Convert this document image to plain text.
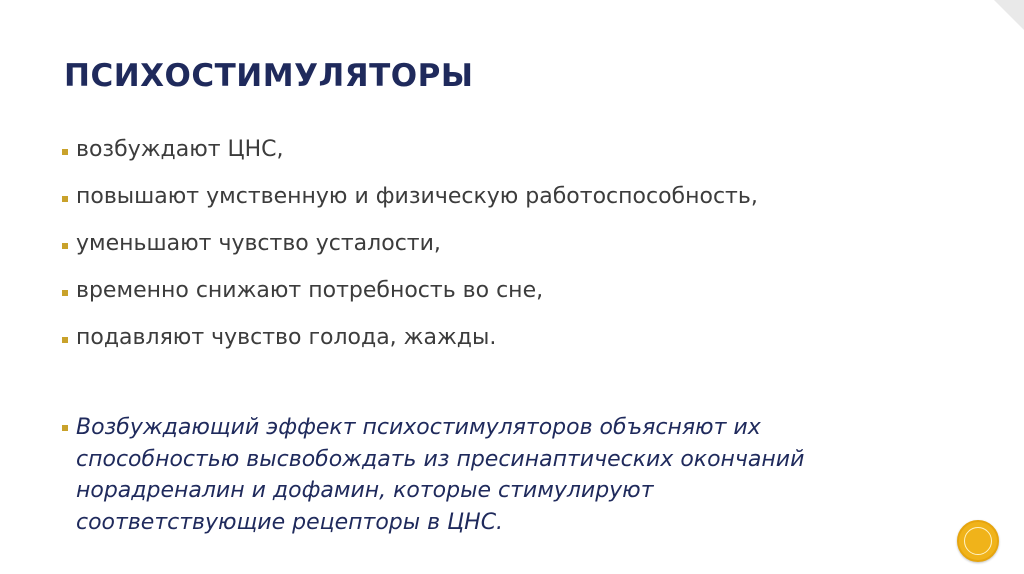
ПСИХОСТИМУЛЯТОРЫ
возбуждают ЦНС,
повышают умственную и физическую работоспособность,
уменьшают чувство усталости,
временно снижают потребность во сне,
подавляют чувство голода, жажды.
Возбуждающий эффект психостимуляторов объясняют их
способностью высвобождать из пресинаптических окончаний
норадреналин и дофамин, которые стимулируют
соответствующие рецепторы в ЦНС.
